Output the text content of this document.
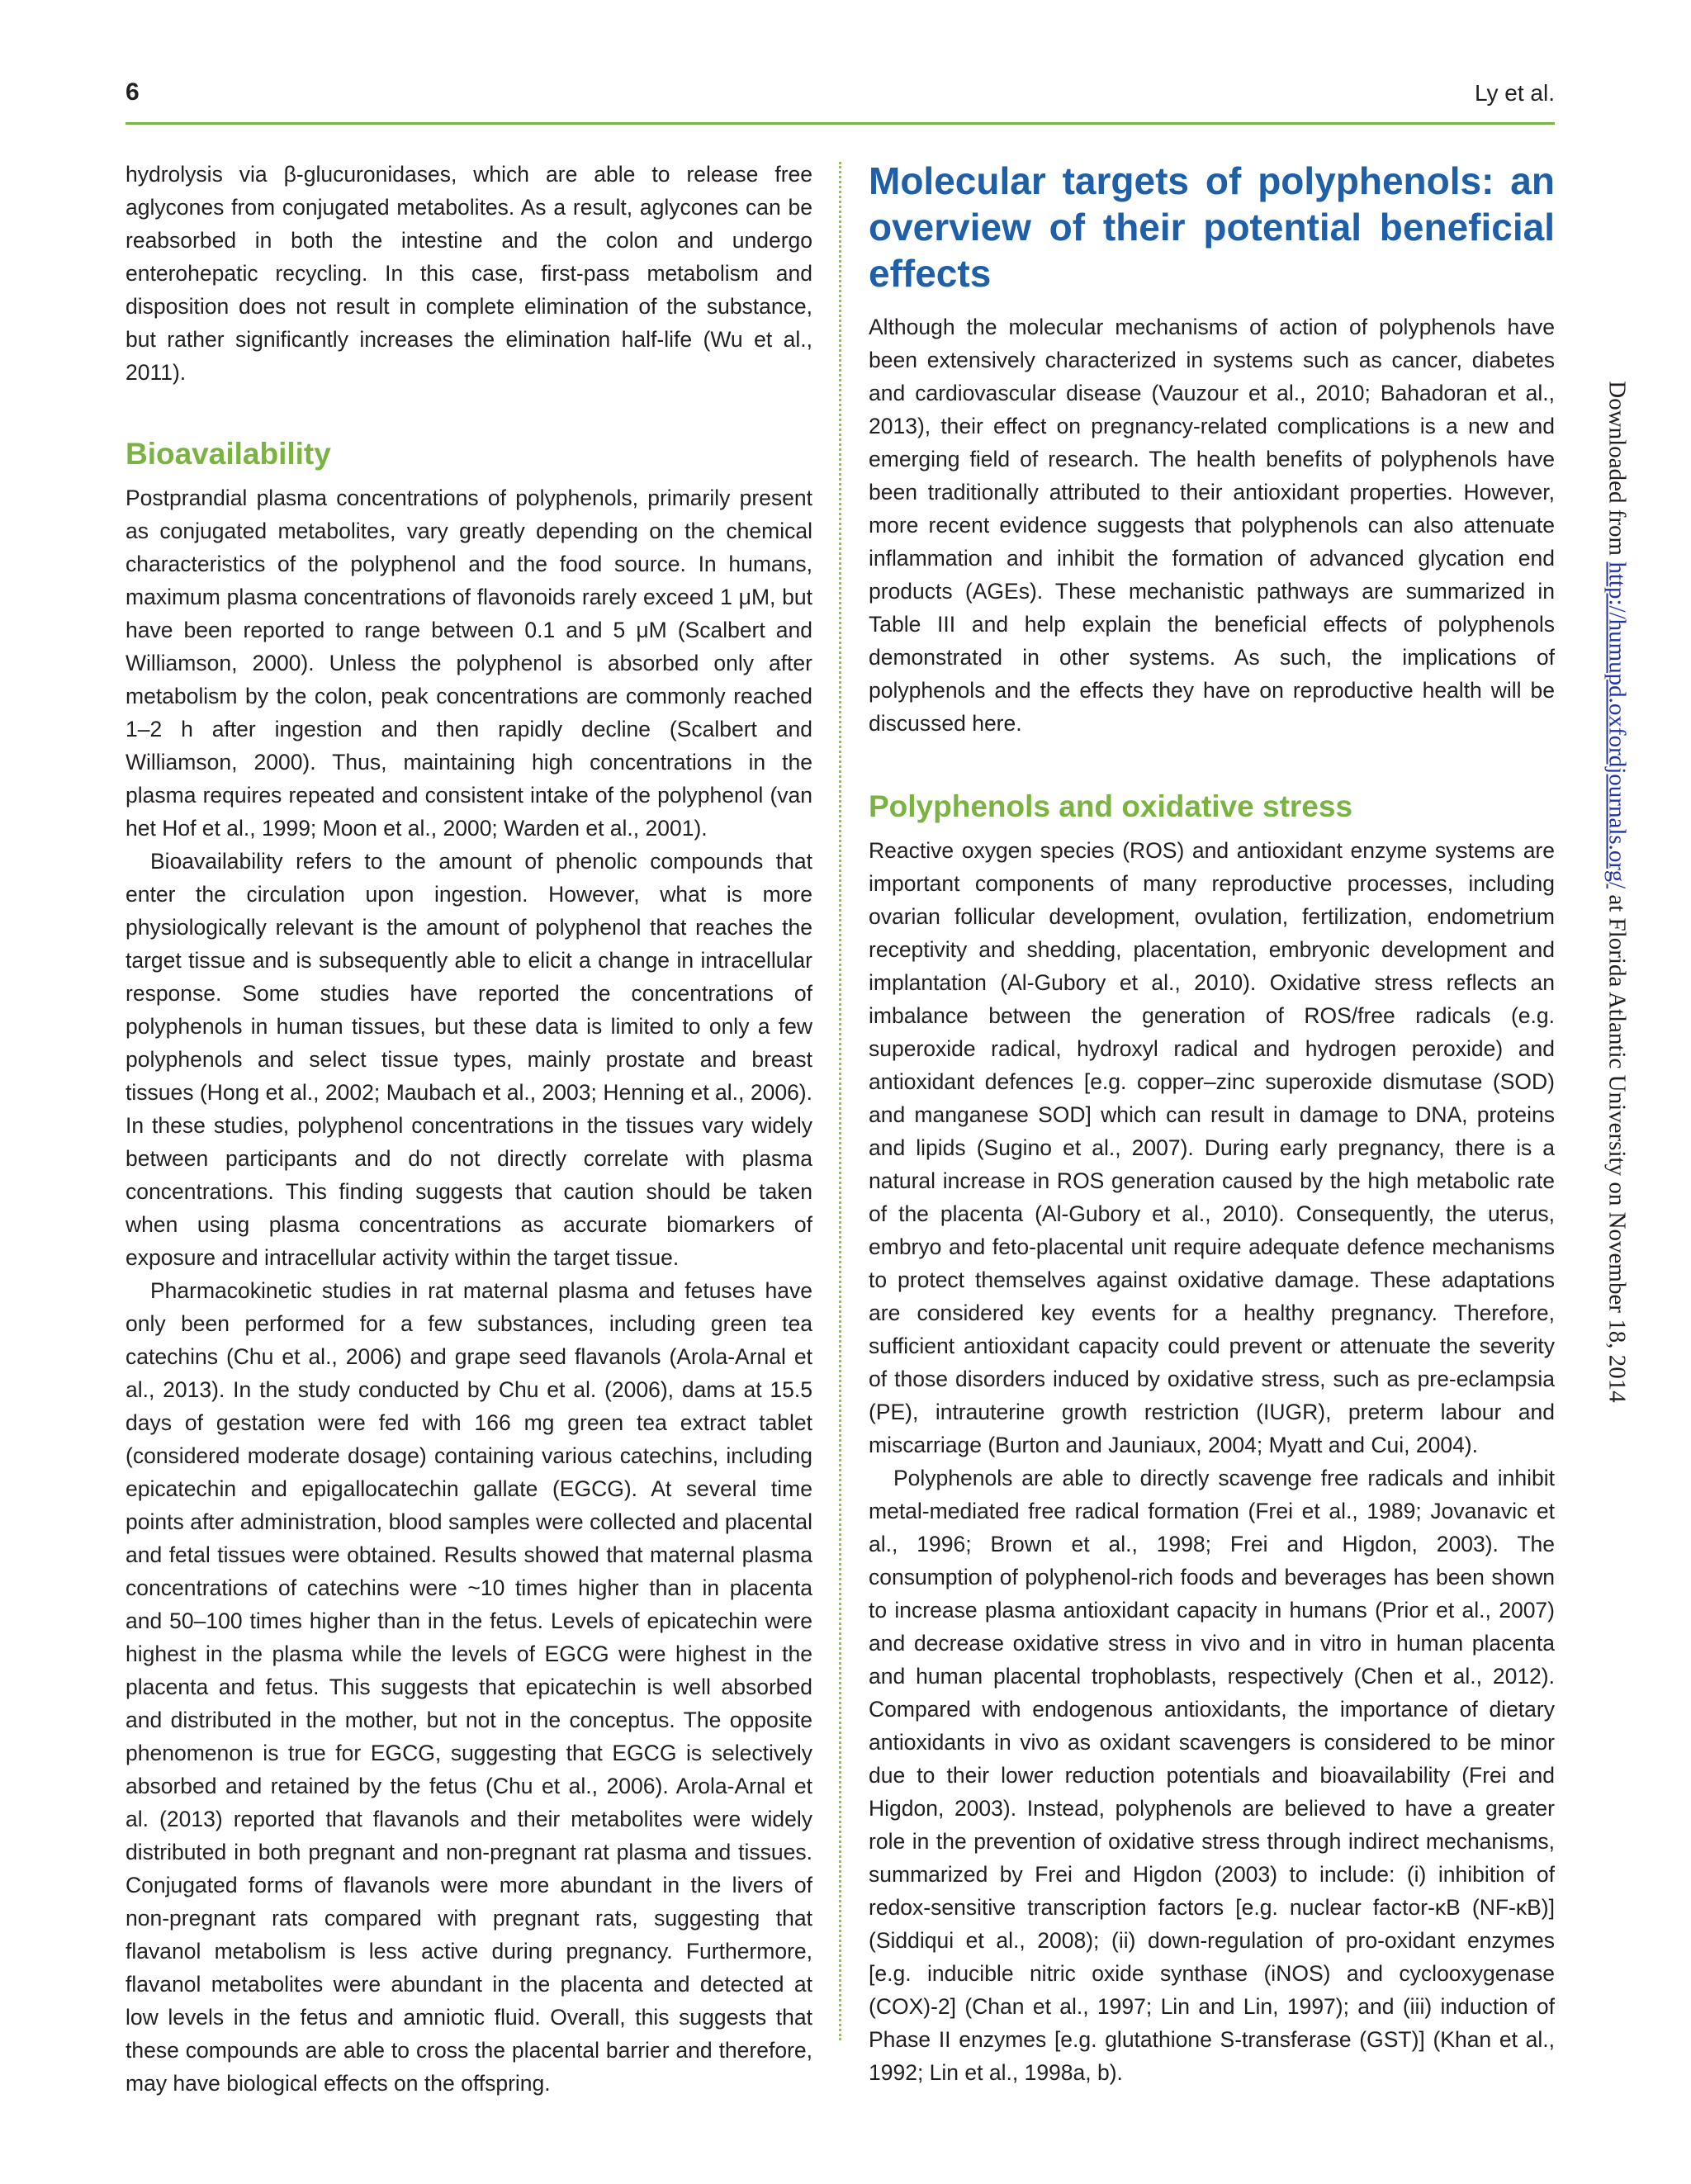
6	Ly et al.

hydrolysis via β-glucuronidases, which are able to release free aglycones from conjugated metabolites. As a result, aglycones can be reabsorbed in both the intestine and the colon and undergo enterohepatic recycling. In this case, first-pass metabolism and disposition does not result in complete elimination of the substance, but rather significantly increases the elimination half-life (Wu et al., 2011).

Bioavailability

Postprandial plasma concentrations of polyphenols, primarily present as conjugated metabolites, vary greatly depending on the chemical characteristics of the polyphenol and the food source. In humans, maximum plasma concentrations of flavonoids rarely exceed 1 μM, but have been reported to range between 0.1 and 5 μM (Scalbert and Williamson, 2000). Unless the polyphenol is absorbed only after metabolism by the colon, peak concentrations are commonly reached 1–2 h after ingestion and then rapidly decline (Scalbert and Williamson, 2000). Thus, maintaining high concentrations in the plasma requires repeated and consistent intake of the polyphenol (van het Hof et al., 1999; Moon et al., 2000; Warden et al., 2001).

Bioavailability refers to the amount of phenolic compounds that enter the circulation upon ingestion. However, what is more physiologically relevant is the amount of polyphenol that reaches the target tissue and is subsequently able to elicit a change in intracellular response. Some studies have reported the concentrations of polyphenols in human tissues, but these data is limited to only a few polyphenols and select tissue types, mainly prostate and breast tissues (Hong et al., 2002; Maubach et al., 2003; Henning et al., 2006). In these studies, polyphenol concentrations in the tissues vary widely between participants and do not directly correlate with plasma concentrations. This finding suggests that caution should be taken when using plasma concentrations as accurate biomarkers of exposure and intracellular activity within the target tissue.

Pharmacokinetic studies in rat maternal plasma and fetuses have only been performed for a few substances, including green tea catechins (Chu et al., 2006) and grape seed flavanols (Arola-Arnal et al., 2013). In the study conducted by Chu et al. (2006), dams at 15.5 days of gestation were fed with 166 mg green tea extract tablet (considered moderate dosage) containing various catechins, including epicatechin and epigallocatechin gallate (EGCG). At several time points after administration, blood samples were collected and placental and fetal tissues were obtained. Results showed that maternal plasma concentrations of catechins were ~10 times higher than in placenta and 50–100 times higher than in the fetus. Levels of epicatechin were highest in the plasma while the levels of EGCG were highest in the placenta and fetus. This suggests that epicatechin is well absorbed and distributed in the mother, but not in the conceptus. The opposite phenomenon is true for EGCG, suggesting that EGCG is selectively absorbed and retained by the fetus (Chu et al., 2006). Arola-Arnal et al. (2013) reported that flavanols and their metabolites were widely distributed in both pregnant and non-pregnant rat plasma and tissues. Conjugated forms of flavanols were more abundant in the livers of non-pregnant rats compared with pregnant rats, suggesting that flavanol metabolism is less active during pregnancy. Furthermore, flavanol metabolites were abundant in the placenta and detected at low levels in the fetus and amniotic fluid. Overall, this suggests that these compounds are able to cross the placental barrier and therefore, may have biological effects on the offspring.

Molecular targets of polyphenols: an overview of their potential beneficial effects

Although the molecular mechanisms of action of polyphenols have been extensively characterized in systems such as cancer, diabetes and cardiovascular disease (Vauzour et al., 2010; Bahadoran et al., 2013), their effect on pregnancy-related complications is a new and emerging field of research. The health benefits of polyphenols have been traditionally attributed to their antioxidant properties. However, more recent evidence suggests that polyphenols can also attenuate inflammation and inhibit the formation of advanced glycation end products (AGEs). These mechanistic pathways are summarized in Table III and help explain the beneficial effects of polyphenols demonstrated in other systems. As such, the implications of polyphenols and the effects they have on reproductive health will be discussed here.

Polyphenols and oxidative stress

Reactive oxygen species (ROS) and antioxidant enzyme systems are important components of many reproductive processes, including ovarian follicular development, ovulation, fertilization, endometrium receptivity and shedding, placentation, embryonic development and implantation (Al-Gubory et al., 2010). Oxidative stress reflects an imbalance between the generation of ROS/free radicals (e.g. superoxide radical, hydroxyl radical and hydrogen peroxide) and antioxidant defences [e.g. copper–zinc superoxide dismutase (SOD) and manganese SOD] which can result in damage to DNA, proteins and lipids (Sugino et al., 2007). During early pregnancy, there is a natural increase in ROS generation caused by the high metabolic rate of the placenta (Al-Gubory et al., 2010). Consequently, the uterus, embryo and feto-placental unit require adequate defence mechanisms to protect themselves against oxidative damage. These adaptations are considered key events for a healthy pregnancy. Therefore, sufficient antioxidant capacity could prevent or attenuate the severity of those disorders induced by oxidative stress, such as pre-eclampsia (PE), intrauterine growth restriction (IUGR), preterm labour and miscarriage (Burton and Jauniaux, 2004; Myatt and Cui, 2004).

Polyphenols are able to directly scavenge free radicals and inhibit metal-mediated free radical formation (Frei et al., 1989; Jovanavic et al., 1996; Brown et al., 1998; Frei and Higdon, 2003). The consumption of polyphenol-rich foods and beverages has been shown to increase plasma antioxidant capacity in humans (Prior et al., 2007) and decrease oxidative stress in vivo and in vitro in human placenta and human placental trophoblasts, respectively (Chen et al., 2012). Compared with endogenous antioxidants, the importance of dietary antioxidants in vivo as oxidant scavengers is considered to be minor due to their lower reduction potentials and bioavailability (Frei and Higdon, 2003). Instead, polyphenols are believed to have a greater role in the prevention of oxidative stress through indirect mechanisms, summarized by Frei and Higdon (2003) to include: (i) inhibition of redox-sensitive transcription factors [e.g. nuclear factor-κB (NF-κB)] (Siddiqui et al., 2008); (ii) down-regulation of pro-oxidant enzymes [e.g. inducible nitric oxide synthase (iNOS) and cyclooxygenase (COX)-2] (Chan et al., 1997; Lin and Lin, 1997); and (iii) induction of Phase II enzymes [e.g. glutathione S-transferase (GST)] (Khan et al., 1992; Lin et al., 1998a, b).

Downloaded from http://humupd.oxfordjournals.org/ at Florida Atlantic University on November 18, 2014
